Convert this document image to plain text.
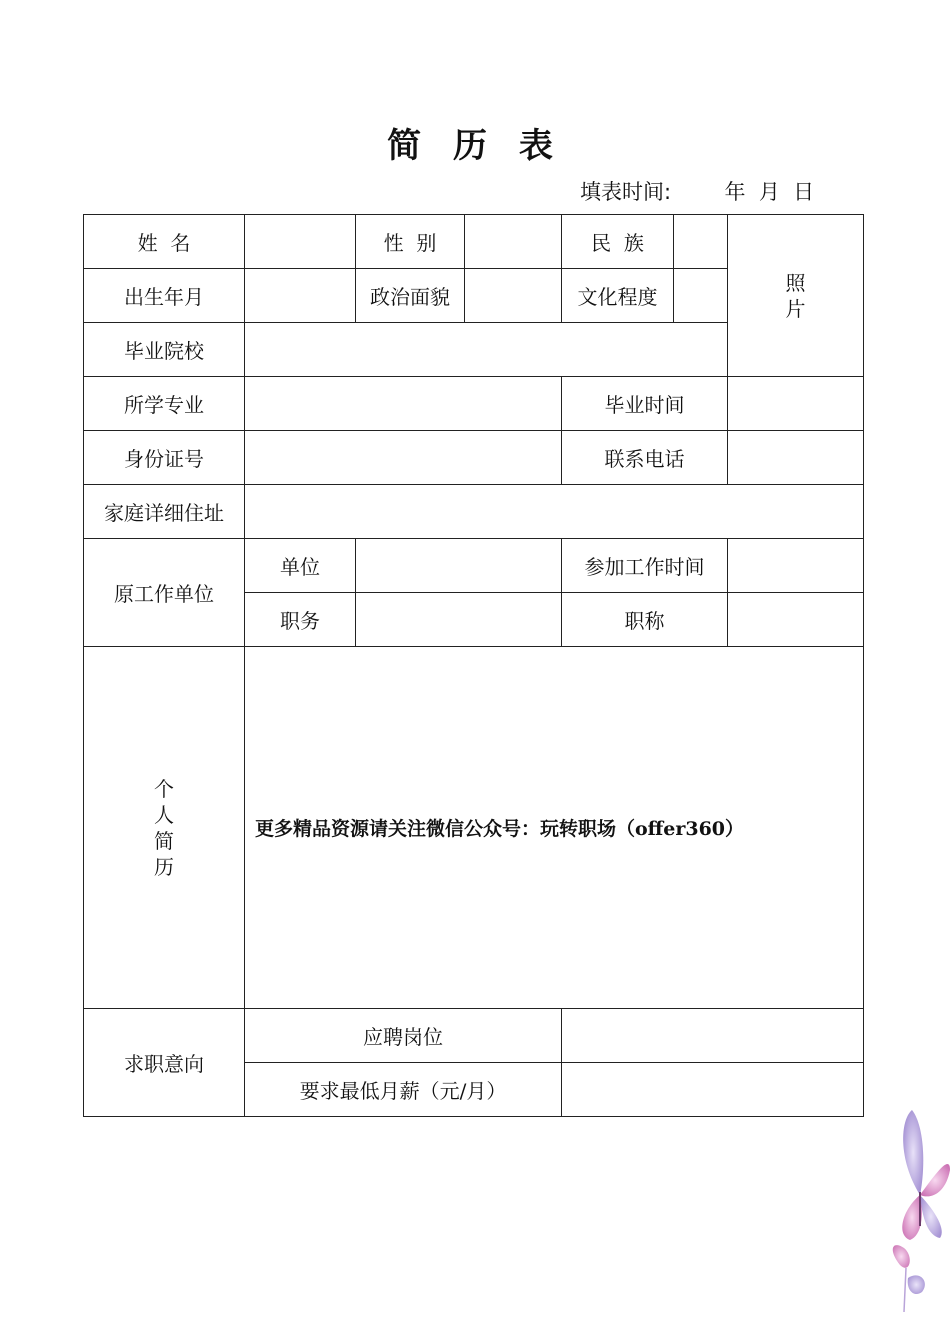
简 历 表
填表时间:        年  月  日
姓  名		性  别		民  族		照片
出生年月		政治面貌		文化程度		
毕业院校						
所学专业				毕业时间		
身份证号				联系电话		
家庭详细住址						
原工作单位	单位			参加工作时间		
	职务			职称		
个人简历	更多精品资源请关注微信公众号：玩转职场（offer360）					
求职意向	应聘岗位					
	要求最低月薪（元/月）					
